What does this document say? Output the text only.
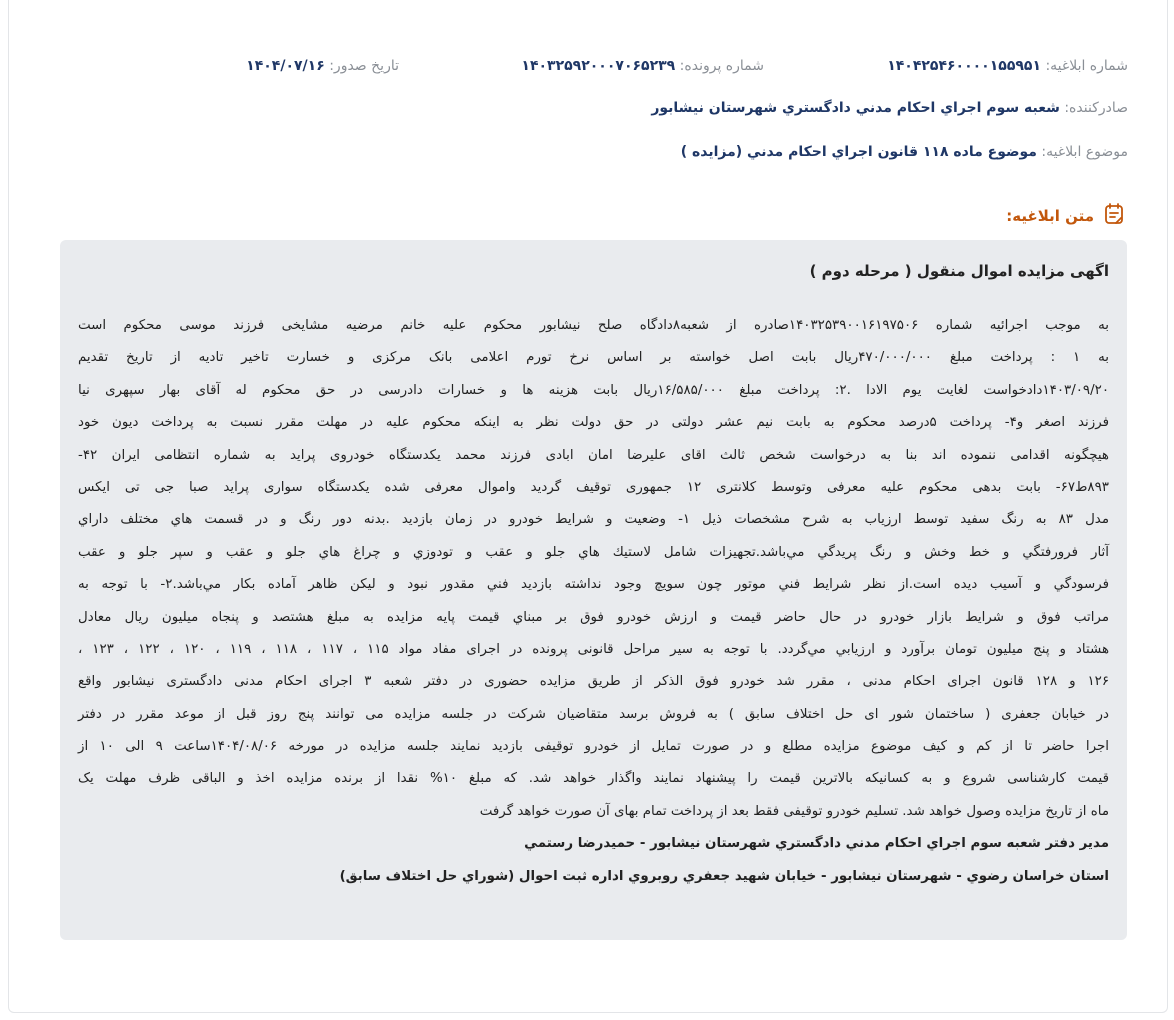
شماره ابلاغیه: ۱۴۰۴۲۵۴۶۰۰۰۰۱۵۵۹۵۱
شماره پرونده: ۱۴۰۳۲۵۹۲۰۰۰۷۰۶۵۲۳۹
تاریخ صدور: ۱۴۰۴/۰۷/۱۶
صادرکننده: شعبه سوم اجراي احكام مدني دادگستري شهرستان نيشابور
موضوع ابلاغیه: موضوع ماده ۱۱۸ قانون اجراي احكام مدني (مزايده )
متن ابلاغیه:
اگهی مزایده اموال منقول ( مرحله دوم )
به موجب اجرائیه شماره ۱۴۰۳۲۵۳۹۰۰۱۶۱۹۷۵۰۶صادره از شعبه۸دادگاه صلح نیشابور محکوم علیه خانم مرضیه مشایخی فرزند موسی محکوم است
به ۱ : پرداخت مبلغ ۴۷۰/۰۰۰/۰۰۰ریال بابت اصل خواسته بر اساس نرخ تورم اعلامی بانک مرکزی و خسارت تاخیر تادیه از تاریخ تقدیم
۱۴۰۳/۰۹/۲۰دادخواست لغایت یوم الادا .۲: پرداخت مبلغ ۱۶/۵۸۵/۰۰۰ریال بابت هزینه ها و خسارات دادرسی در حق محکوم له آقای بهار سپهری نیا
فرزند اصغر و۴- پرداخت ۵درصد محکوم به بابت نیم عشر دولتی در حق دولت نظر به اینکه محکوم علیه در مهلت مقرر نسبت به پرداخت دیون خود
هیچگونه اقدامی ننموده اند بنا به درخواست شخص ثالث اقای علیرضا امان ابادی فرزند محمد یکدستگاه خودروی پراید به شماره انتظامی ایران ۴۲-
۸۹۳ط۶۷- بابت بدهی محکوم علیه معرفی وتوسط کلانتری ۱۲ جمهوری توقیف گردید واموال معرفی شده یکدستگاه سواری پراید صبا جی تی ایکس
مدل ۸۳ به رنگ سفید توسط ارزیاب به شرح مشخصات ذیل ۱- وضعیت و شرایط خودرو در زمان بازدید .بدنه دور رنگ و در قسمت هاي مختلف داراي
آثار فرورفتگي و خط وخش و رنگ پريدگي مي‌باشد.تجهيزات شامل لاستيك هاي جلو و عقب و تودوزي و چراغ هاي جلو و عقب و سپر جلو و عقب
فرسودگي و آسيب ديده است.از نظر شرايط فني موتور چون سويچ وجود نداشته بازديد فني مقدور نبود و ليكن ظاهر آماده بكار مي‌باشد.۲- با توجه به
مراتب فوق و شرايط بازار خودرو در حال حاضر قيمت و ارزش خودرو فوق بر مبناي قيمت پايه مزايده به مبلغ هشتصد و پنجاه ميليون ريال معادل
هشتاد و پنج ميليون تومان برآورد و ارزيابي مي‌گردد. با توجه به سير مراحل قانونی پرونده در اجرای مفاد مواد ۱۱۵ ، ۱۱۷ ، ۱۱۸ ، ۱۱۹ ، ۱۲۰ ، ۱۲۲ ، ۱۲۳ ،
۱۲۶ و ۱۲۸ قانون اجرای احکام مدنی ، مقرر شد خودرو فوق الذکر از طریق مزایده حضوری در دفتر شعبه ۳ اجرای احکام مدنی دادگستری نیشابور واقع
در خیابان جعفری ( ساختمان شور ای حل اختلاف سابق ) به فروش برسد متقاضیان شرکت در جلسه مزایده می توانند پنج روز قبل از موعد مقرر در دفتر
اجرا حاضر تا از کم و کیف موضوع مزایده مطلع و در صورت تمایل از خودرو توقیفی بازدید نمایند جلسه مزایده در مورخه ۱۴۰۴/۰۸/۰۶ساعت ۹ الی ۱۰ از
قیمت کارشناسی شروع و به کسانیکه بالاترین قیمت را پیشنهاد نمایند واگذار خواهد شد. که مبلغ ۱۰% نقدا از برنده مزایده اخذ و الباقی ظرف مهلت یک
ماه از تاریخ مزایده وصول خواهد شد. تسلیم خودرو توقیفی فقط بعد از پرداخت تمام بهای آن صورت خواهد گرفت
مدير دفتر شعبه سوم اجراي احكام مدني دادگستري شهرستان نيشابور - حميدرضا رستمي
استان خراسان رضوي - شهرستان نيشابور - خيابان شهيد جعفري روبروي اداره ثبت احوال (شوراي حل اختلاف سابق)
